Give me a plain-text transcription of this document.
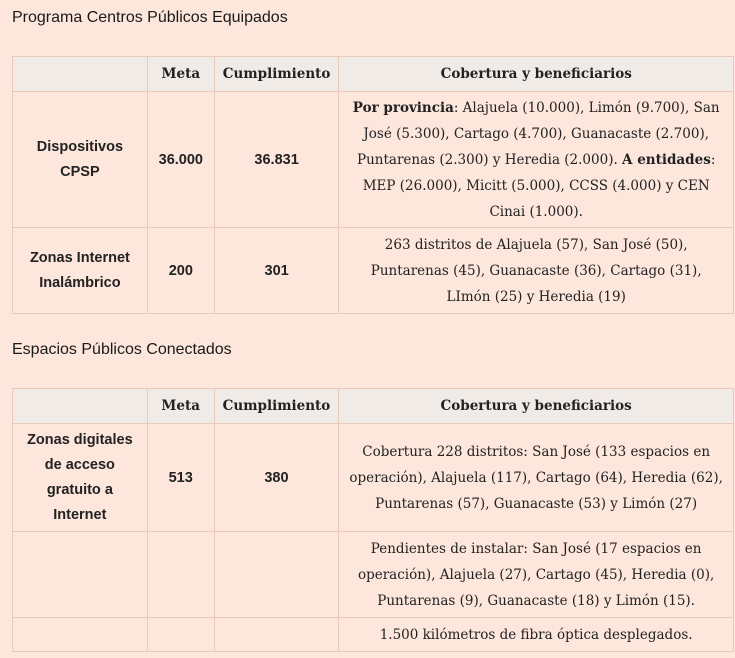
Programa Centros Públicos Equipados
	Meta	Cumplimiento	Cobertura y beneficiarios
Dispositivos CPSP	36.000	36.831	Por provincia: Alajuela (10.000), Limón (9.700), San José (5.300), Cartago (4.700), Guanacaste (2.700), Puntarenas (2.300) y Heredia (2.000). A entidades: MEP (26.000), Micitt (5.000), CCSS (4.000) y CEN Cinai (1.000).
Zonas Internet Inalámbrico	200	301	263 distritos de Alajuela (57), San José (50), Puntarenas (45), Guanacaste (36), Cartago (31), LImón (25) y Heredia (19)
Espacios Públicos Conectados
	Meta	Cumplimiento	Cobertura y beneficiarios
Zonas digitales de acceso gratuito a Internet	513	380	Cobertura 228 distritos: San José (133 espacios en operación), Alajuela (117), Cartago (64), Heredia (62), Puntarenas (57), Guanacaste (53) y Limón (27)
			Pendientes de instalar: San José (17 espacios en operación), Alajuela (27), Cartago (45), Heredia (0), Puntarenas (9), Guanacaste (18) y Limón (15).
			1.500 kilómetros de fibra óptica desplegados.
